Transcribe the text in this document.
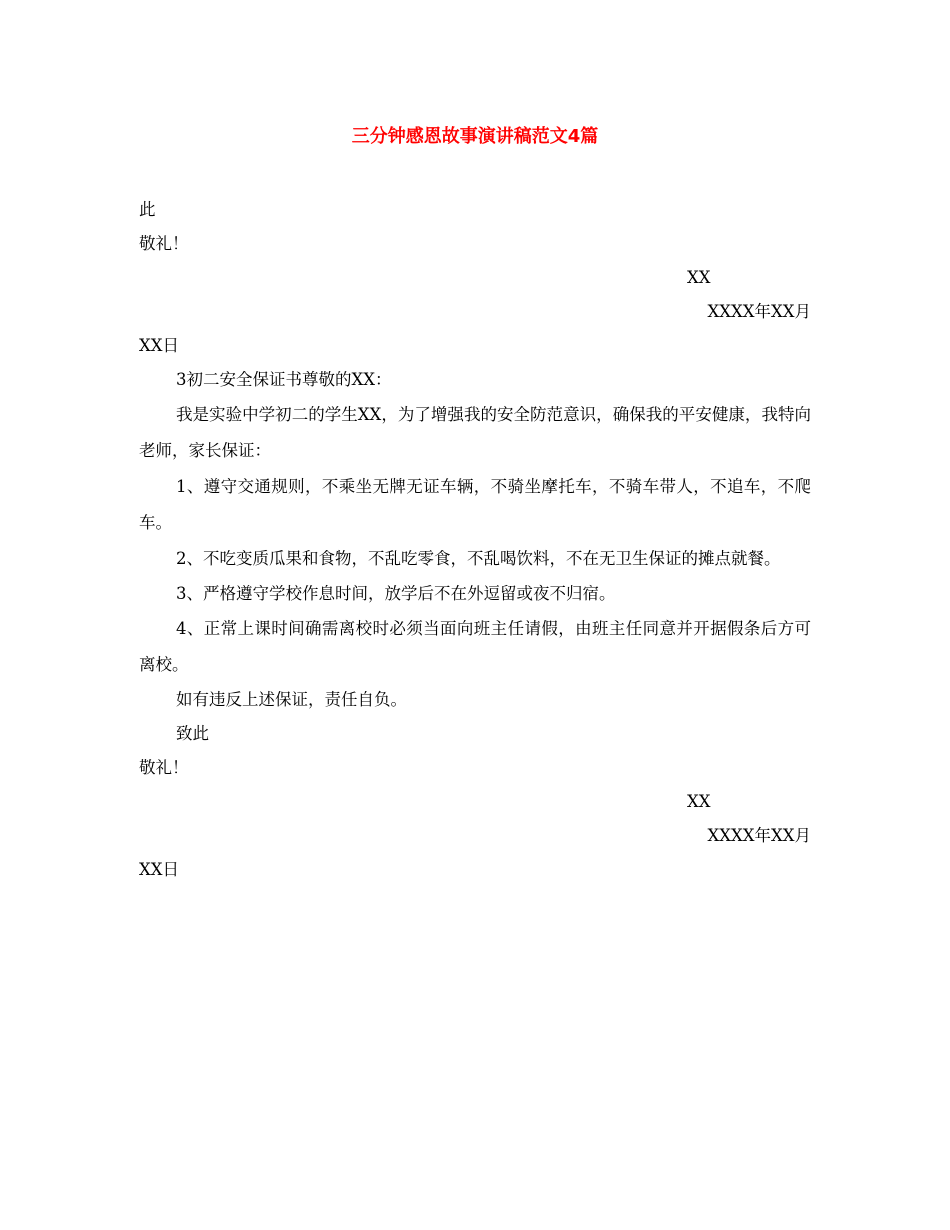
三分钟感恩故事演讲稿范文4篇

此

敬礼！

XX

XXXX年XX月

XX日

3初二安全保证书尊敬的XX：

我是实验中学初二的学生XX，为了增强我的安全防范意识，确保我的平安健康，我特向老师，家长保证：

1、遵守交通规则，不乘坐无牌无证车辆，不骑坐摩托车，不骑车带人，不追车，不爬车。

2、不吃变质瓜果和食物，不乱吃零食，不乱喝饮料，不在无卫生保证的摊点就餐。

3、严格遵守学校作息时间，放学后不在外逗留或夜不归宿。

4、正常上课时间确需离校时必须当面向班主任请假，由班主任同意并开据假条后方可离校。

如有违反上述保证，责任自负。

致此

敬礼！

XX

XXXX年XX月

XX日
